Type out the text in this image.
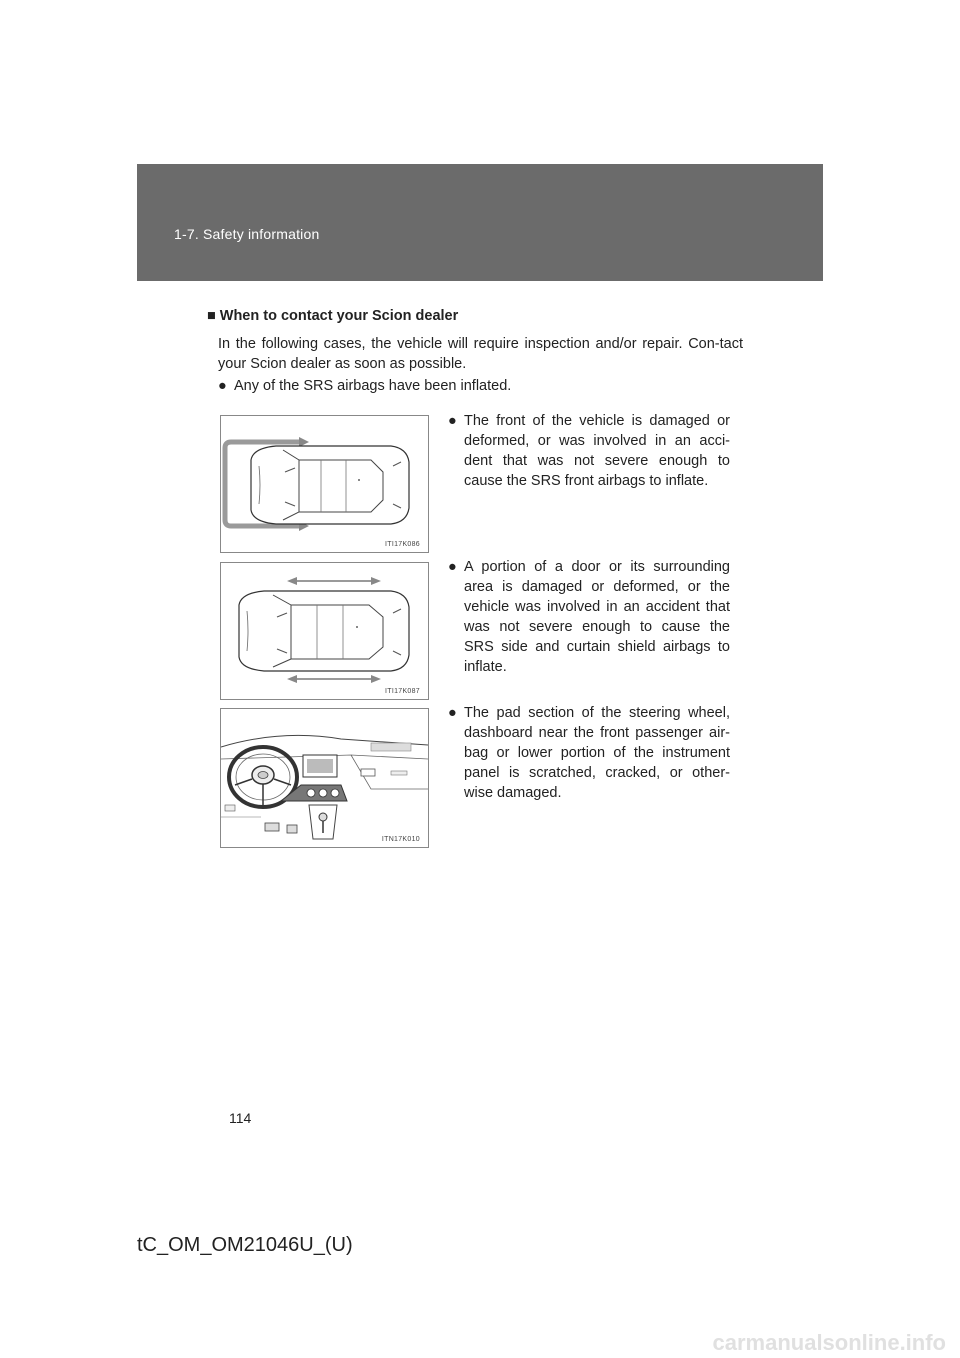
1-7. Safety information
■ When to contact your Scion dealer
In the following cases, the vehicle will require inspection and/or repair. Con-tact your Scion dealer as soon as possible.
● Any of the SRS airbags have been inflated.
● The front of the vehicle is damaged or deformed, or was involved in an acci-dent that was not severe enough to cause the SRS front airbags to inflate.
● A portion of a door or its surrounding area is damaged or deformed, or the vehicle was involved in an accident that was not severe enough to cause the SRS side and curtain shield airbags to inflate.
● The pad section of the steering wheel, dashboard near the front passenger air-bag or lower portion of the instrument panel is scratched, cracked, or other-wise damaged.
ITI17K086
ITI17K087
ITN17K010
114
tC_OM_OM21046U_(U)
carmanualsonline.info
